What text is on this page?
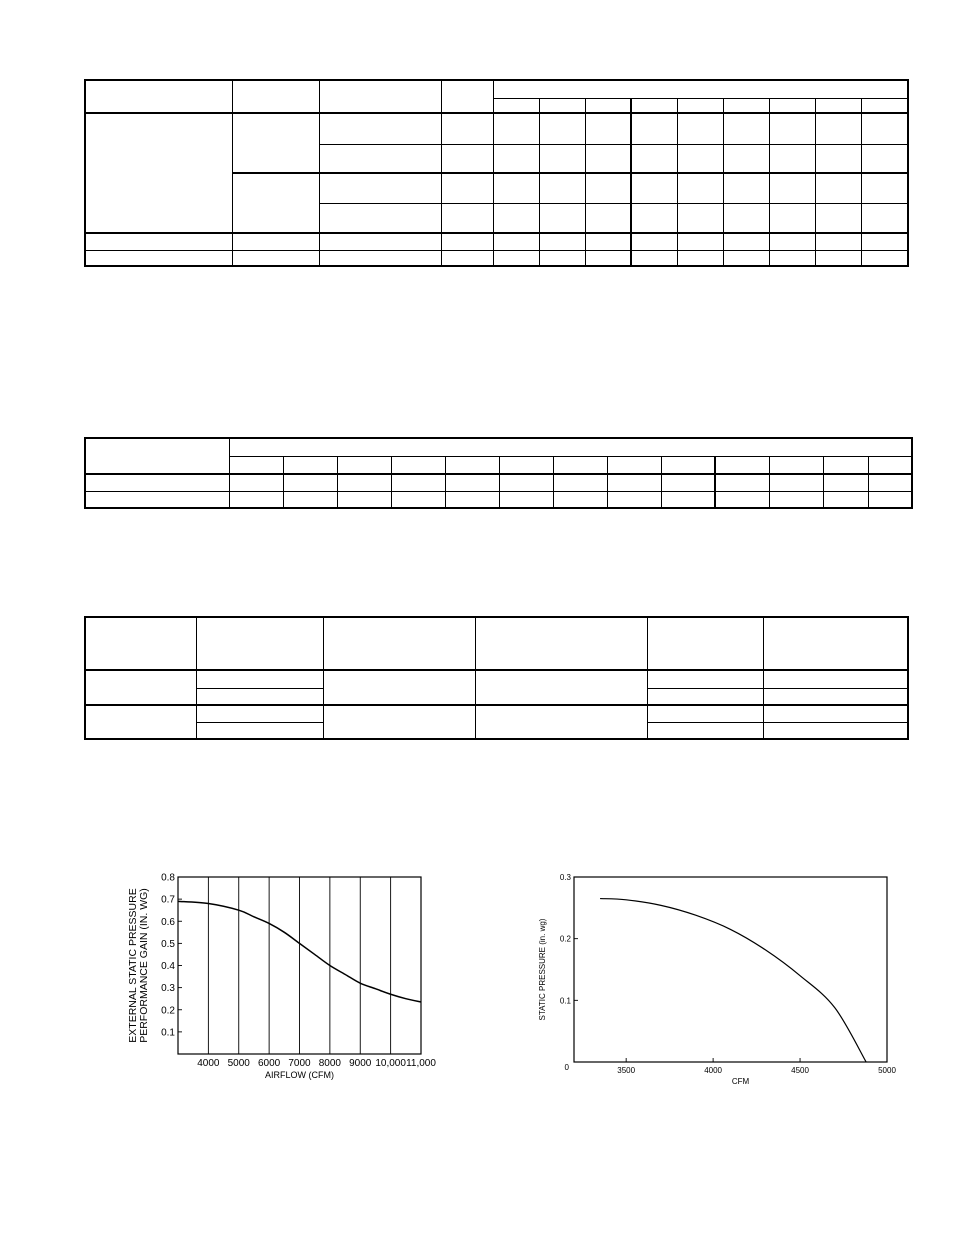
4000 5000 6000 7000 8000 9000 10,000 11,000
0.1
0.2
0.3
0.4
0.5
0.6
0.7
0.8
AIRFLOW (CFM)
EXTERNAL STATIC PRESSURE PERFORMANCE GAIN (IN. WG)
3500	4000	4500	5000
0.1
0.2
0.3
0
CFM
STATIC PRESSURE (in. wg)
